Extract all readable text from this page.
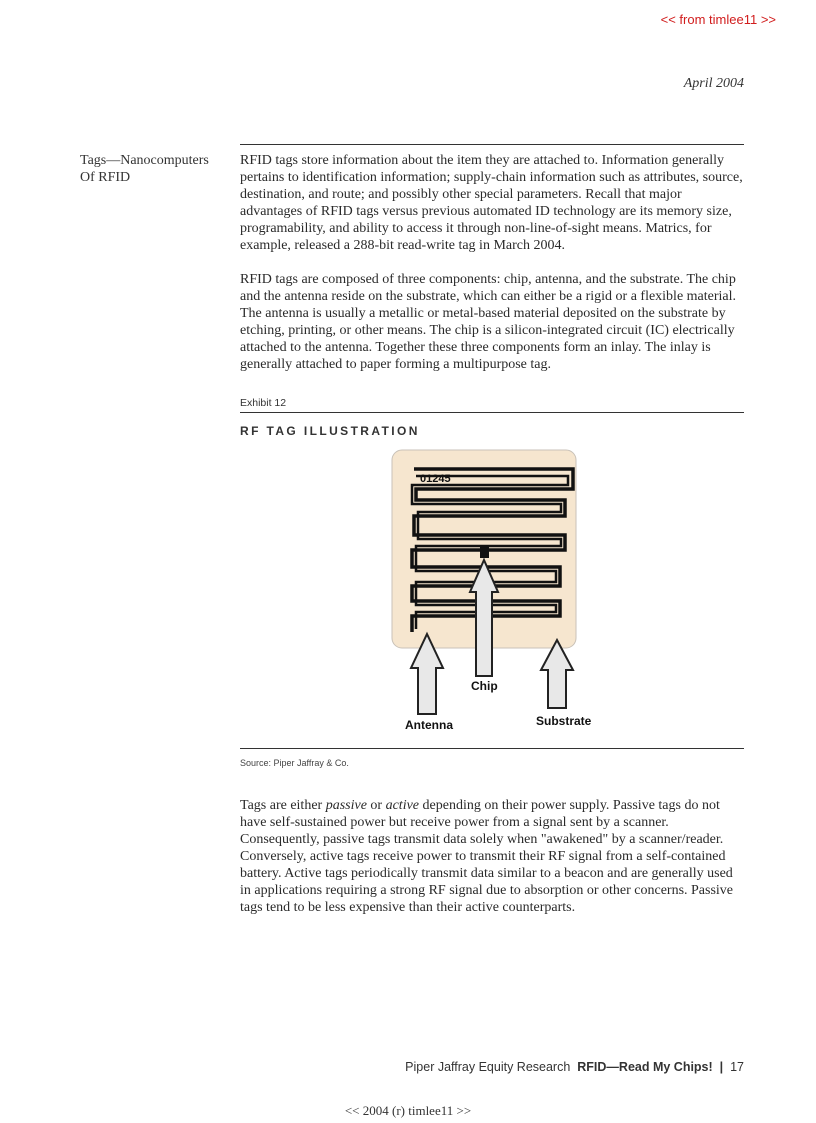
<< from timlee11 >>
April 2004
Tags—Nanocomputers
Of RFID

RFID tags store information about the item they are attached to. Information generally pertains to identification information; supply-chain information such as attributes, source, destination, and route; and possibly other special parameters. Recall that major advantages of RFID tags versus previous automated ID technology are its memory size, programability, and ability to access it through non-line-of-sight means. Matrics, for example, released a 288-bit read-write tag in March 2004.

RFID tags are composed of three components: chip, antenna, and the substrate. The chip and the antenna reside on the substrate, which can either be a rigid or a flexible material. The antenna is usually a metallic or metal-based material deposited on the substrate by etching, printing, or other means. The chip is a silicon-integrated circuit (IC) electrically attached to the antenna. Together these three components form an inlay. The inlay is generally attached to paper forming a multipurpose tag.

Exhibit 12
RF TAG ILLUSTRATION
01245
Chip
Antenna	Substrate
Source: Piper Jaffray & Co.

Tags are either passive or active depending on their power supply. Passive tags do not have self-sustained power but receive power from a signal sent by a scanner. Consequently, passive tags transmit data solely when "awakened" by a scanner/reader. Conversely, active tags receive power to transmit their RF signal from a self-contained battery. Active tags periodically transmit data similar to a beacon and are generally used in applications requiring a strong RF signal due to absorption or other concerns. Passive tags tend to be less expensive than their active counterparts.

Piper Jaffray Equity Research RFID—Read My Chips! | 17
<< 2004 (r) timlee11 >>
